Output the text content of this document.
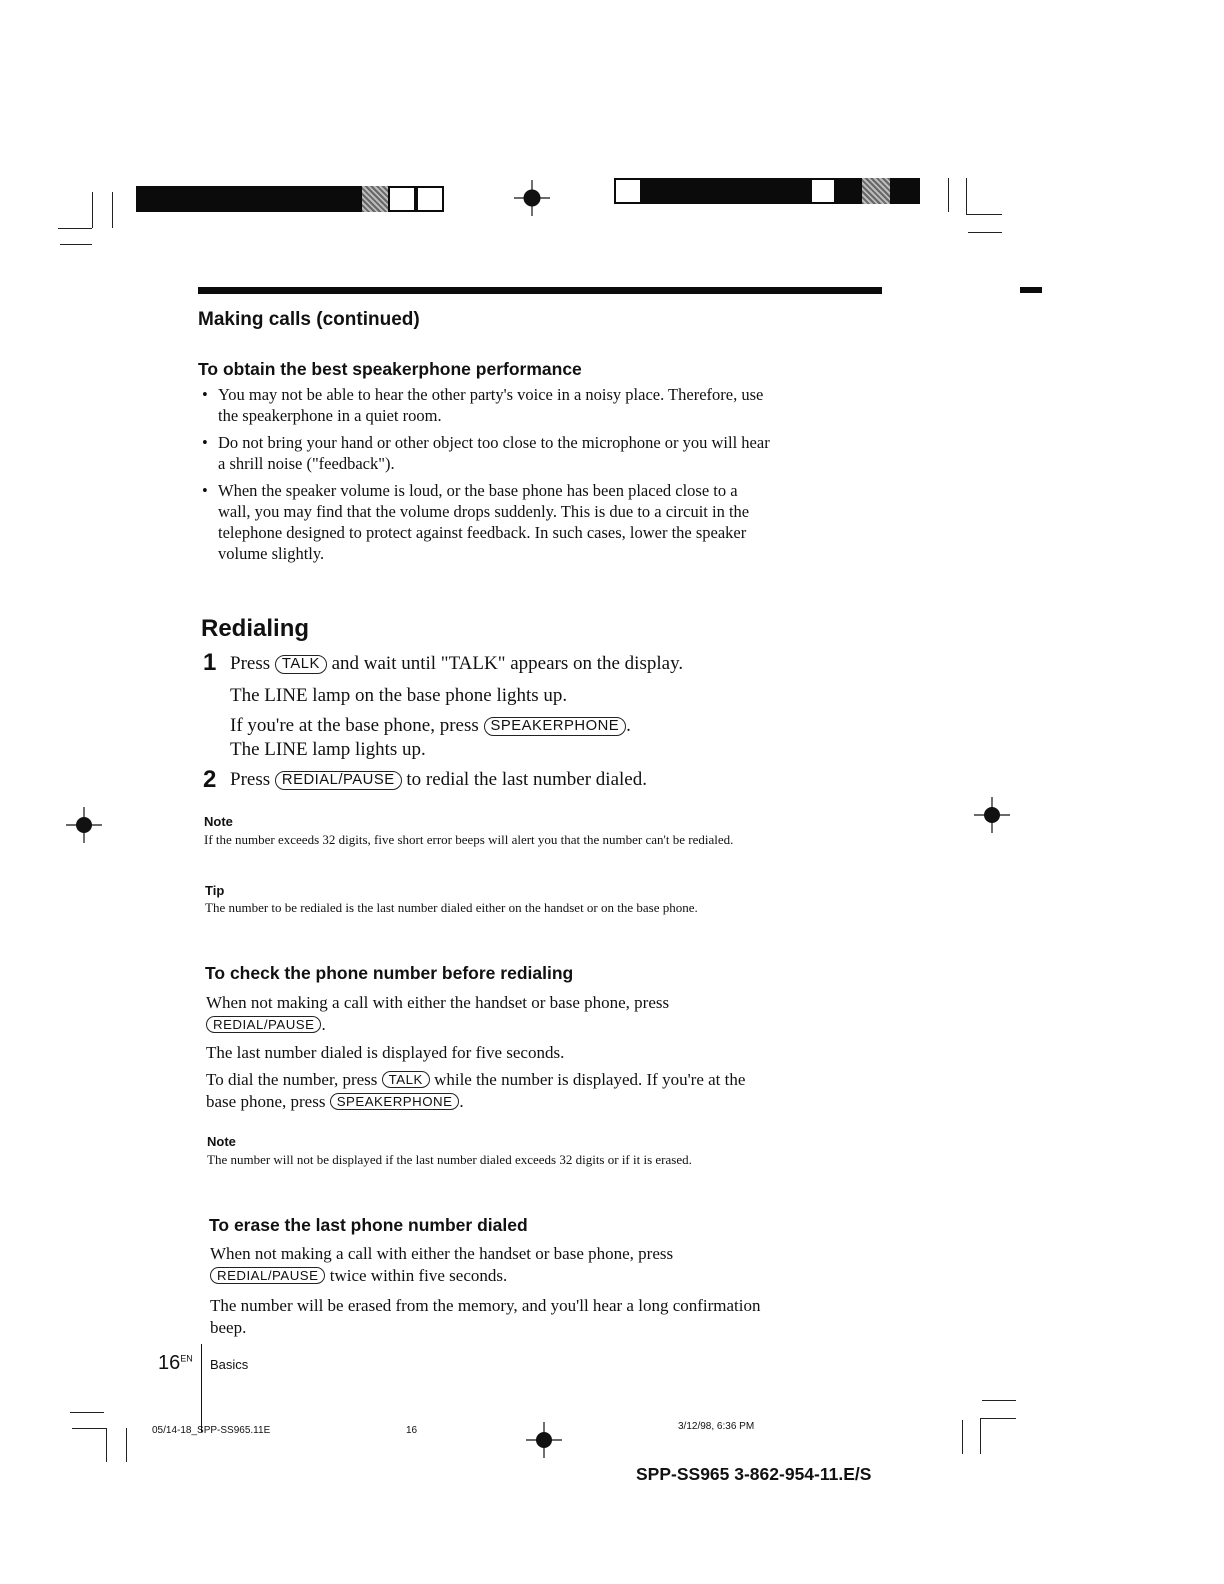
Making calls (continued)
To obtain the best speakerphone performance
• You may not be able to hear the other party's voice in a noisy place. Therefore, use the speakerphone in a quiet room.
• Do not bring your hand or other object too close to the microphone or you will hear a shrill noise ("feedback").
• When the speaker volume is loud, or the base phone has been placed close to a wall, you may find that the volume drops suddenly. This is due to a circuit in the telephone designed to protect against feedback. In such cases, lower the speaker volume slightly.
Redialing
1 Press TALK and wait until "TALK" appears on the display.

The LINE lamp on the base phone lights up.

If you're at the base phone, press SPEAKERPHONE .

The LINE lamp lights up.

2 Press REDIAL/PAUSE to redial the last number dialed.

Note

If the number exceeds 32 digits, five short error beeps will alert you that the number can't be redialed.

Tip

The number to be redialed is the last number dialed either on the handset or on the base phone.

To check the phone number before redialing

When not making a call with either the handset or base phone, press REDIAL/PAUSE .

The last number dialed is displayed for five seconds.

To dial the number, press TALK while the number is displayed. If you're at the base phone, press SPEAKERPHONE .

Note

The number will not be displayed if the last number dialed exceeds 32 digits or if it is erased.

To erase the last phone number dialed

When not making a call with either the handset or base phone, press REDIAL/PAUSE twice within five seconds.

The number will be erased from the memory, and you'll hear a long confirmation beep.

$16^{EN}$ Basics
05/14-18_SPP-SS965.11E	16	3/12/98, 6:36 PM
SPP-SS965 3-862-954-11.E/S
